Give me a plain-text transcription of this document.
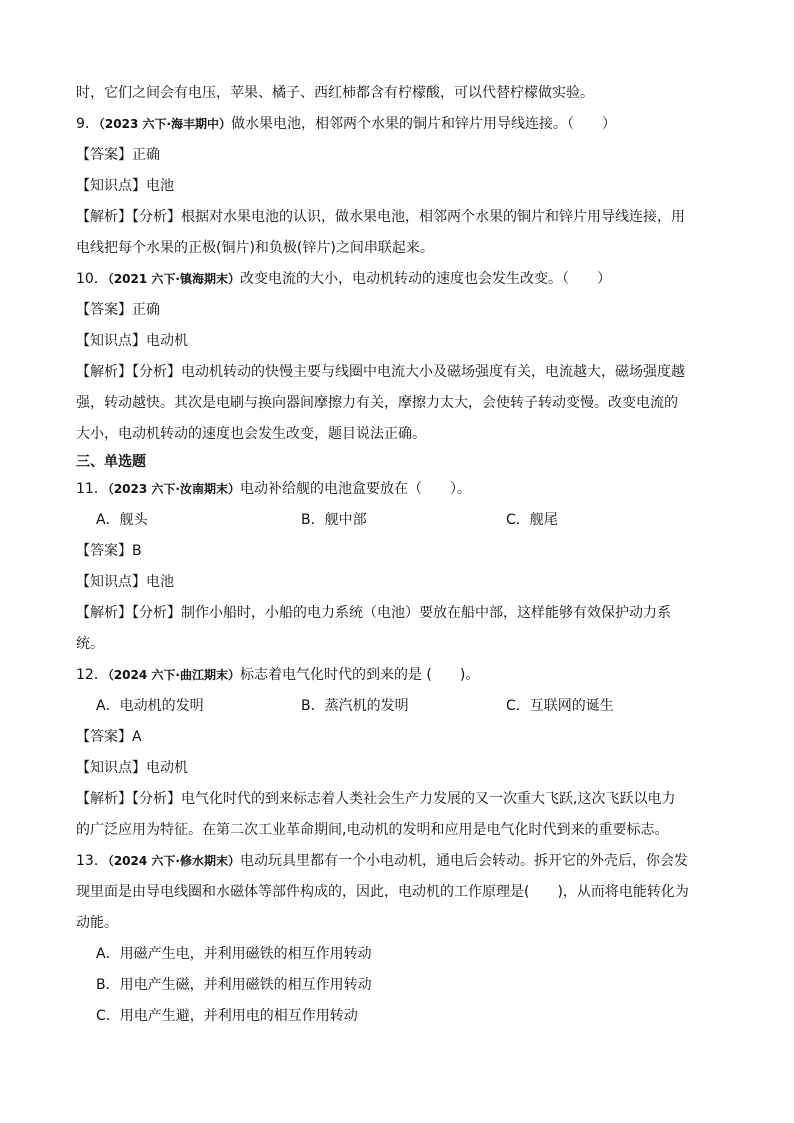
时，它们之间会有电压，苹果、橘子、西红柿都含有柠檬酸，可以代替柠檬做实验。
9．（2023 六下·海丰期中）做水果电池，相邻两个水果的铜片和锌片用导线连接。（　　）
【答案】正确
【知识点】电池
【解析】【分析】根据对水果电池的认识，做水果电池，相邻两个水果的铜片和锌片用导线连接，用
电线把每个水果的正极(铜片)和负极(锌片)之间串联起来。
10．（2021 六下·镇海期末）改变电流的大小，电动机转动的速度也会发生改变。（　　）
【答案】正确
【知识点】电动机
【解析】【分析】电动机转动的快慢主要与线圈中电流大小及磁场强度有关，电流越大，磁场强度越
强，转动越快。其次是电刷与换向器间摩擦力有关，摩擦力太大，会使转子转动变慢。改变电流的
大小，电动机转动的速度也会发生改变，题目说法正确。
三、单选题
11．（2023 六下·汝南期末）电动补给舰的电池盒要放在（　　）。
A．舰头	B．舰中部	C．舰尾
【答案】B
【知识点】电池
【解析】【分析】制作小船时，小船的电力系统（电池）要放在船中部，这样能够有效保护动力系
统。
12．（2024 六下·曲江期末）标志着电气化时代的到来的是 (　　)。
A．电动机的发明	B．蒸汽机的发明	C．互联网的诞生
【答案】A
【知识点】电动机
【解析】【分析】电气化时代的到来标志着人类社会生产力发展的又一次重大飞跃,这次飞跃以电力
的广泛应用为特征。在第二次工业革命期间,电动机的发明和应用是电气化时代到来的重要标志。
13．（2024 六下·修水期末）电动玩具里都有一个小电动机，通电后会转动。拆开它的外壳后，你会发
现里面是由导电线圈和水磁体等部件构成的，因此，电动机的工作原理是(　　)，从而将电能转化为
动能。
A．用磁产生电，并利用磁铁的相互作用转动
B．用电产生磁，并利用磁铁的相互作用转动
C．用电产生避，并利用电的相互作用转动
